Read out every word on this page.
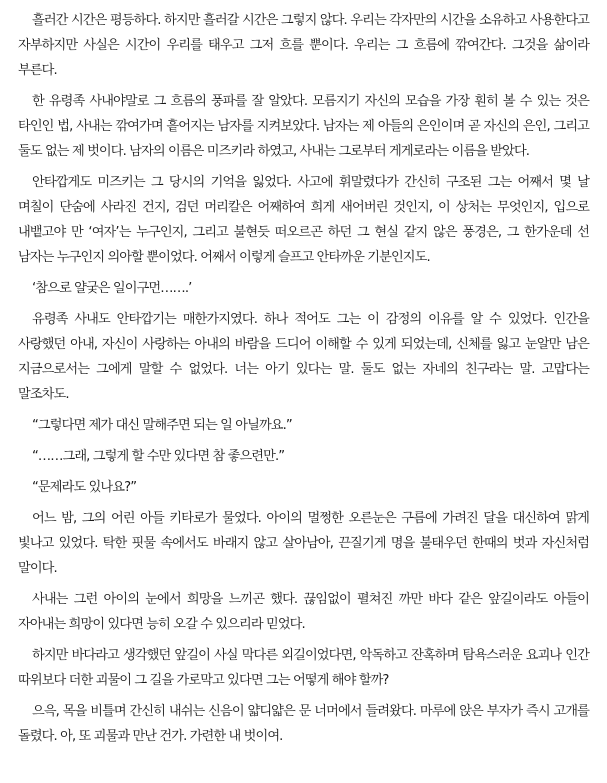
흘러간 시간은 평등하다. 하지만 흘러갈 시간은 그렇지 않다. 우리는 각자만의 시간을 소유하고 사용한다고 자부하지만 사실은 시간이 우리를 태우고 그저 흐를 뿐이다. 우리는 그 흐름에 깎여간다. 그것을 삶이라 부른다.

한 유령족 사내야말로 그 흐름의 풍파를 잘 알았다. 모름지기 자신의 모습을 가장 훤히 볼 수 있는 것은 타인인 법, 사내는 깎여가며 흩어지는 남자를 지켜보았다. 남자는 제 아들의 은인이며 곧 자신의 은인, 그리고 둘도 없는 제 벗이다. 남자의 이름은 미즈키라 하였고, 사내는 그로부터 게게로라는 이름을 받았다.

안타깝게도 미즈키는 그 당시의 기억을 잃었다. 사고에 휘말렸다가 간신히 구조된 그는 어째서 몇 날 며칠이 단숨에 사라진 건지, 검던 머리칼은 어째하여 희게 새어버린 것인지, 이 상처는 무엇인지, 입으로 내뱉고야 만 ‘여자’는 누구인지, 그리고 불현듯 떠오르곤 하던 그 현실 같지 않은 풍경은, 그 한가운데 선 남자는 누구인지 의아할 뿐이었다. 어째서 이렇게 슬프고 안타까운 기분인지도.

‘참으로 얄궂은 일이구먼…….’

유령족 사내도 안타깝기는 매한가지였다. 하나 적어도 그는 이 감정의 이유를 알 수 있었다. 인간을 사랑했던 아내, 자신이 사랑하는 아내의 바람을 드디어 이해할 수 있게 되었는데, 신체를 잃고 눈알만 남은 지금으로서는 그에게 말할 수 없었다. 너는 아기 있다는 말. 둘도 없는 자네의 친구라는 말. 고맙다는 말조차도.

“그렇다면 제가 대신 말해주면 되는 일 아닐까요.”

“……그래, 그렇게 할 수만 있다면 참 좋으련만.”

“문제라도 있나요?”

어느 밤, 그의 어린 아들 키타로가 물었다. 아이의 멀쩡한 오른눈은 구름에 가려진 달을 대신하여 맑게 빛나고 있었다. 탁한 핏물 속에서도 바래지 않고 살아남아, 끈질기게 명을 불태우던 한때의 벗과 자신처럼 말이다.

사내는 그런 아이의 눈에서 희망을 느끼곤 했다. 끊임없이 펼쳐진 까만 바다 같은 앞길이라도 아들이 자아내는 희망이 있다면 능히 오갈 수 있으리라 믿었다.

하지만 바다라고 생각했던 앞길이 사실 막다른 외길이었다면, 악독하고 잔혹하며 탐욕스러운 요괴나 인간 따위보다 더한 괴물이 그 길을 가로막고 있다면 그는 어떻게 해야 할까?

으윽, 목을 비틀며 간신히 내쉬는 신음이 얇디얇은 문 너머에서 들려왔다. 마루에 앉은 부자가 즉시 고개를 돌렸다. 아, 또 괴물과 만난 건가. 가련한 내 벗이여.
